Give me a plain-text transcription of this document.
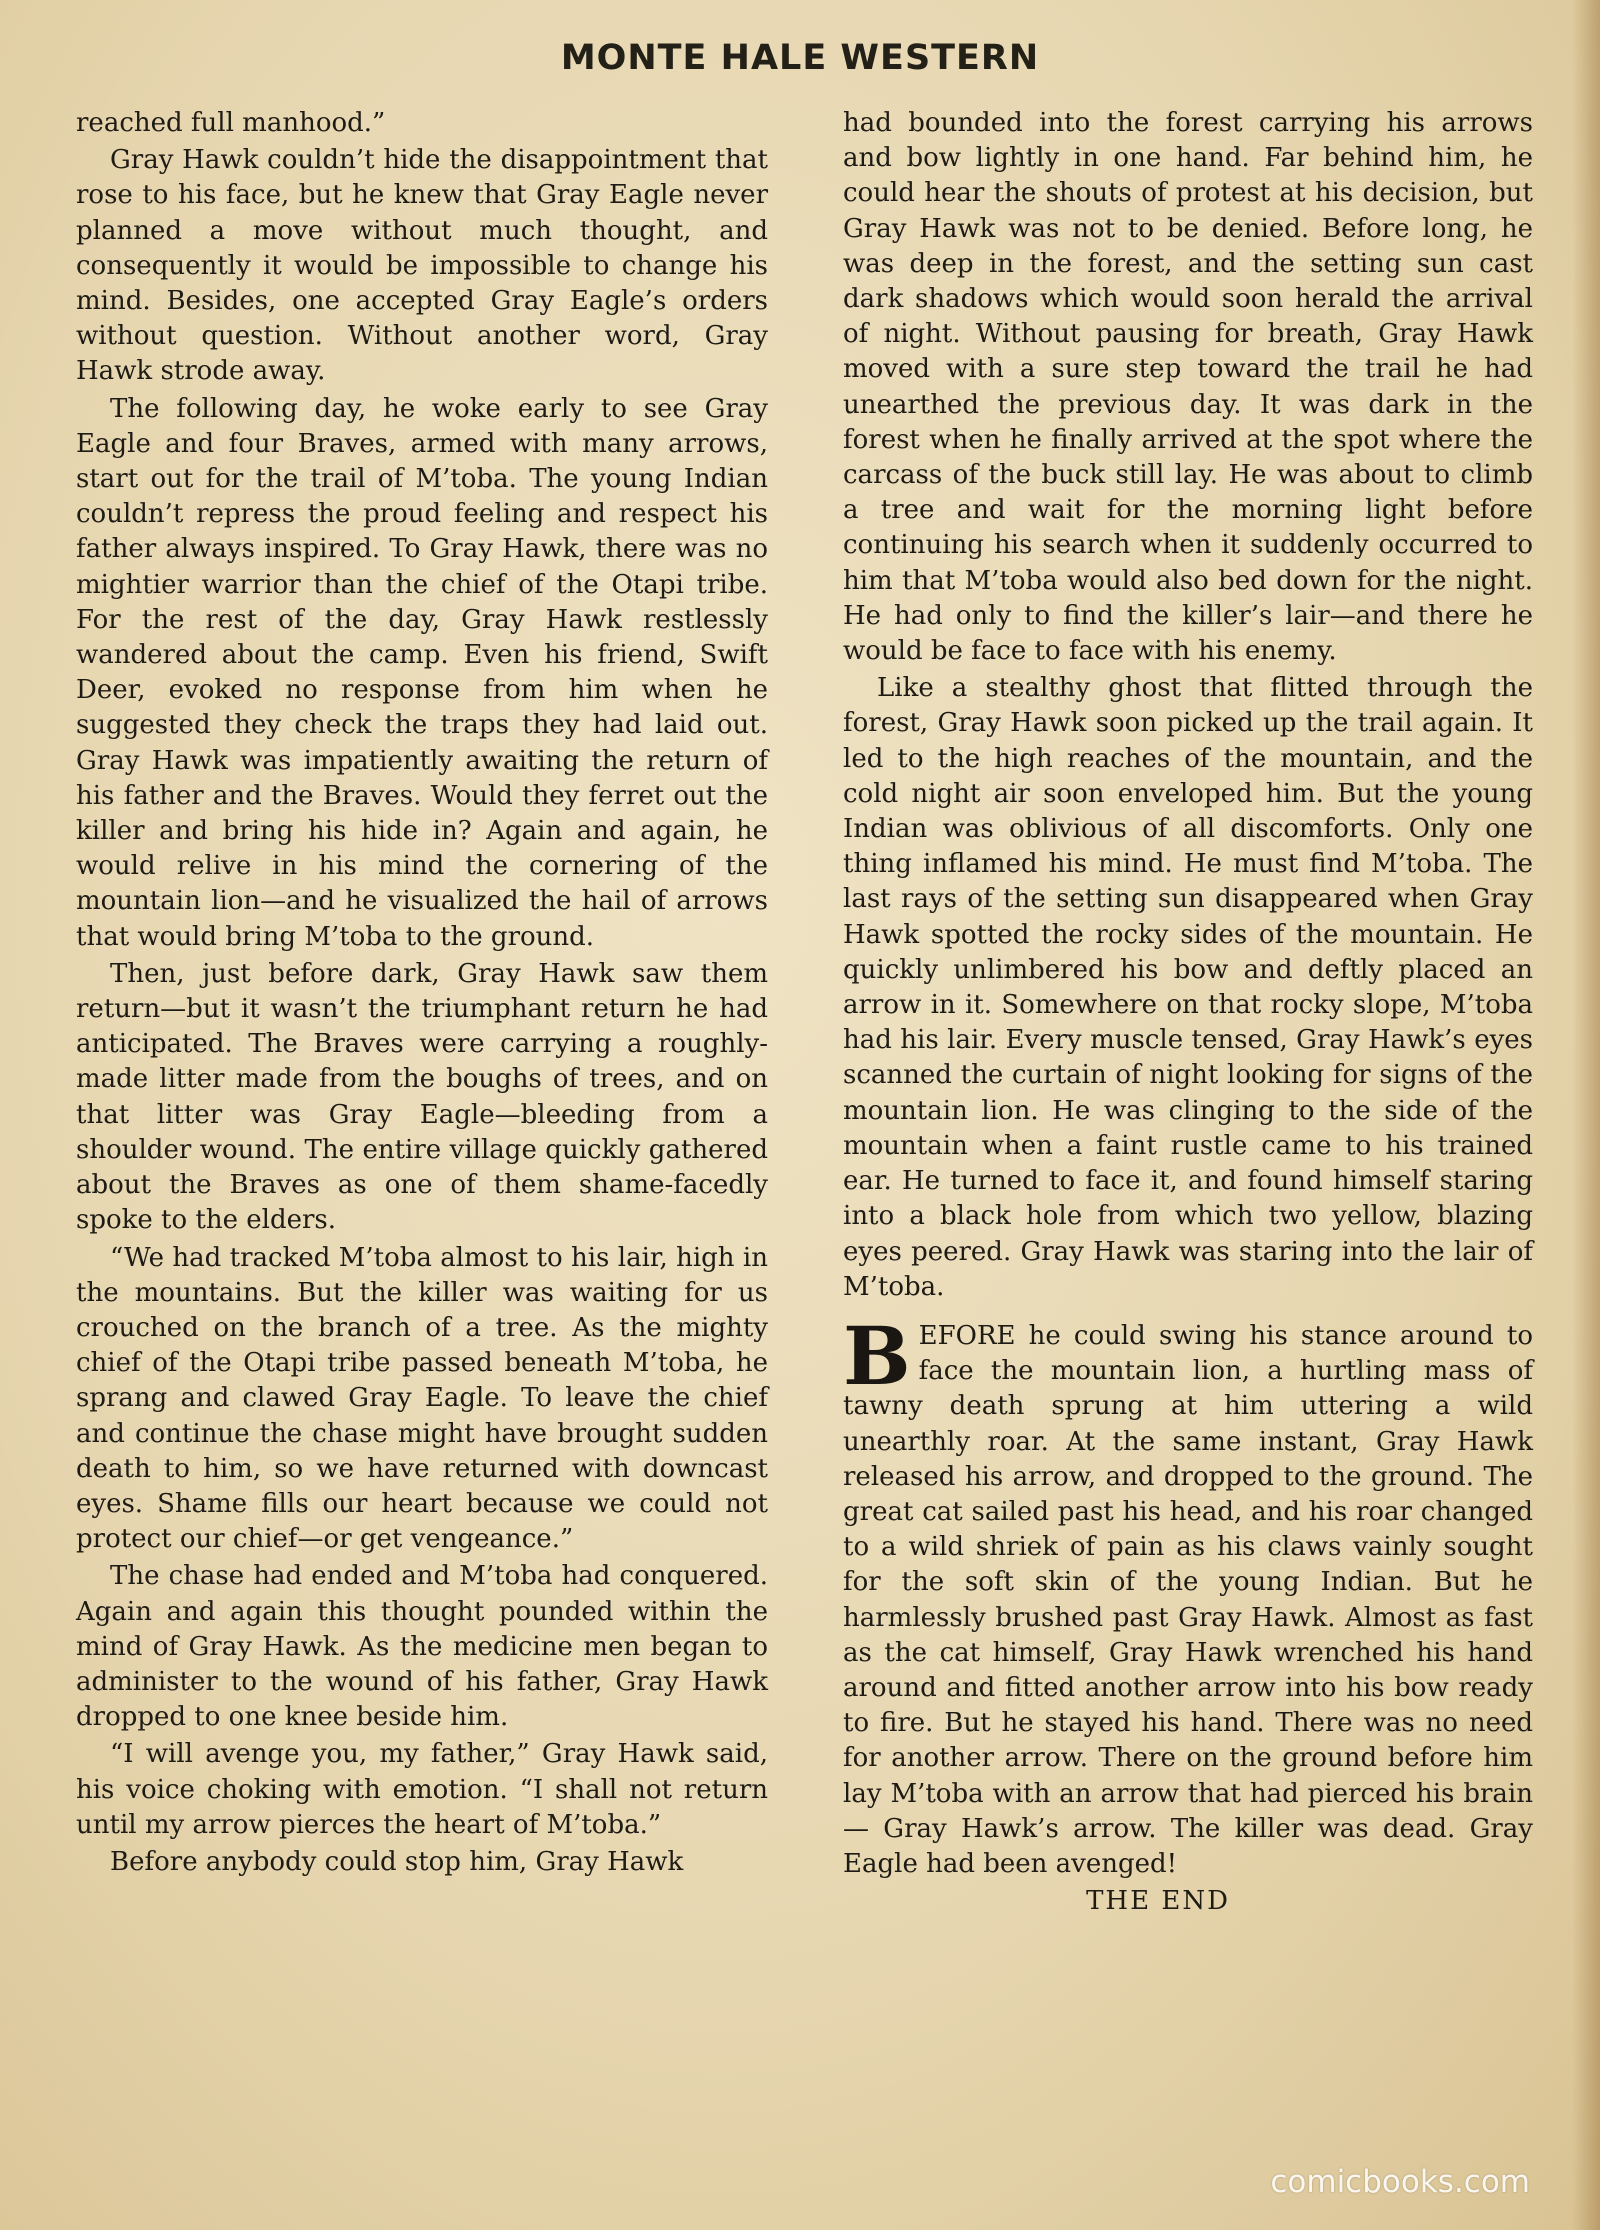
MONTE HALE WESTERN

reached full manhood.”

Gray Hawk couldn’t hide the disappointment that rose to his face, but he knew that Gray Eagle never planned a move without much thought, and consequently it would be impossible to change his mind. Besides, one accepted Gray Eagle’s orders without question. Without another word, Gray Hawk strode away.

The following day, he woke early to see Gray Eagle and four Braves, armed with many arrows, start out for the trail of M’toba. The young Indian couldn’t repress the proud feeling and respect his father always inspired. To Gray Hawk, there was no mightier warrior than the chief of the Otapi tribe. For the rest of the day, Gray Hawk restlessly wandered about the camp. Even his friend, Swift Deer, evoked no response from him when he suggested they check the traps they had laid out. Gray Hawk was impatiently awaiting the return of his father and the Braves. Would they ferret out the killer and bring his hide in? Again and again, he would relive in his mind the cornering of the mountain lion—and he visualized the hail of arrows that would bring M’toba to the ground.

Then, just before dark, Gray Hawk saw them return—but it wasn’t the triumphant return he had anticipated. The Braves were carrying a roughly-made litter made from the boughs of trees, and on that litter was Gray Eagle—bleeding from a shoulder wound. The entire village quickly gathered about the Braves as one of them shame-facedly spoke to the elders.

“We had tracked M’toba almost to his lair, high in the mountains. But the killer was waiting for us crouched on the branch of a tree. As the mighty chief of the Otapi tribe passed beneath M’toba, he sprang and clawed Gray Eagle. To leave the chief and continue the chase might have brought sudden death to him, so we have returned with downcast eyes. Shame fills our heart because we could not protect our chief—or get vengeance.”

The chase had ended and M’toba had conquered. Again and again this thought pounded within the mind of Gray Hawk. As the medicine men began to administer to the wound of his father, Gray Hawk dropped to one knee beside him.

“I will avenge you, my father,” Gray Hawk said, his voice choking with emotion. “I shall not return until my arrow pierces the heart of M’toba.”

Before anybody could stop him, Gray Hawk

had bounded into the forest carrying his arrows and bow lightly in one hand. Far behind him, he could hear the shouts of protest at his decision, but Gray Hawk was not to be denied. Before long, he was deep in the forest, and the setting sun cast dark shadows which would soon herald the arrival of night. Without pausing for breath, Gray Hawk moved with a sure step toward the trail he had unearthed the previous day. It was dark in the forest when he finally arrived at the spot where the carcass of the buck still lay. He was about to climb a tree and wait for the morning light before continuing his search when it suddenly occurred to him that M’toba would also bed down for the night. He had only to find the killer’s lair—and there he would be face to face with his enemy.

Like a stealthy ghost that flitted through the forest, Gray Hawk soon picked up the trail again. It led to the high reaches of the mountain, and the cold night air soon enveloped him. But the young Indian was oblivious of all discomforts. Only one thing inflamed his mind. He must find M’toba. The last rays of the setting sun disappeared when Gray Hawk spotted the rocky sides of the mountain. He quickly unlimbered his bow and deftly placed an arrow in it. Somewhere on that rocky slope, M’toba had his lair. Every muscle tensed, Gray Hawk’s eyes scanned the curtain of night looking for signs of the mountain lion. He was clinging to the side of the mountain when a faint rustle came to his trained ear. He turned to face it, and found himself staring into a black hole from which two yellow, blazing eyes peered. Gray Hawk was staring into the lair of M’toba.

B EFORE he could swing his stance around to face the mountain lion, a hurtling mass of tawny death sprung at him uttering a wild unearthly roar. At the same instant, Gray Hawk released his arrow, and dropped to the ground. The great cat sailed past his head, and his roar changed to a wild shriek of pain as his claws vainly sought for the soft skin of the young Indian. But he harmlessly brushed past Gray Hawk. Almost as fast as the cat himself, Gray Hawk wrenched his hand around and fitted another arrow into his bow ready to fire. But he stayed his hand. There was no need for another arrow. There on the ground before him lay M’toba with an arrow that had pierced his brain — Gray Hawk’s arrow. The killer was dead. Gray Eagle had been avenged!

THE END

comicbooks.com
